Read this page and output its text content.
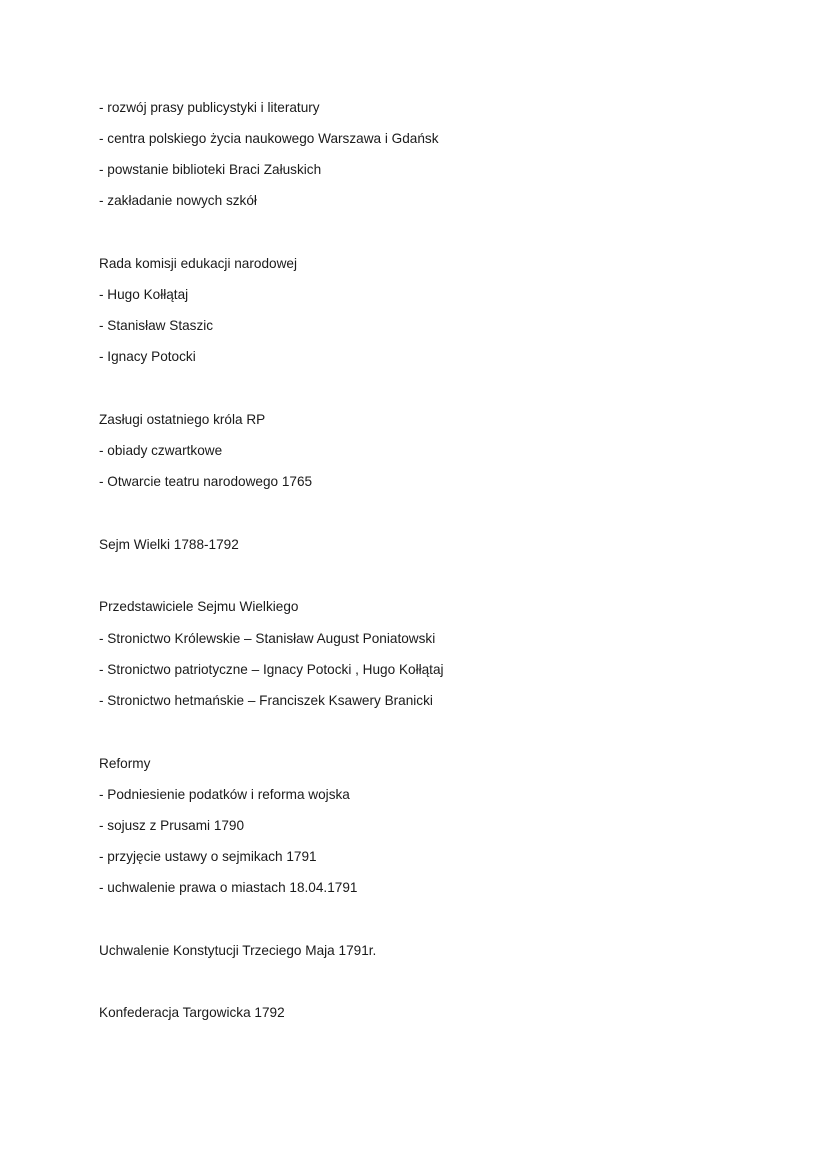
- rozwój prasy publicystyki i literatury

- centra polskiego życia naukowego Warszawa i Gdańsk

- powstanie biblioteki Braci Załuskich

- zakładanie nowych szkół

Rada komisji edukacji narodowej

- Hugo Kołłątaj

- Stanisław Staszic

- Ignacy Potocki

Zasługi ostatniego króla RP

- obiady czwartkowe

- Otwarcie teatru narodowego 1765

Sejm Wielki 1788-1792

Przedstawiciele Sejmu Wielkiego

- Stronictwo Królewskie – Stanisław August Poniatowski

- Stronictwo patriotyczne – Ignacy Potocki , Hugo Kołłątaj

- Stronictwo hetmańskie – Franciszek Ksawery Branicki

Reformy

- Podniesienie podatków i reforma wojska

- sojusz z Prusami 1790

- przyjęcie ustawy o sejmikach 1791

- uchwalenie prawa o miastach 18.04.1791

Uchwalenie Konstytucji Trzeciego Maja 1791r.

Konfederacja Targowicka 1792
